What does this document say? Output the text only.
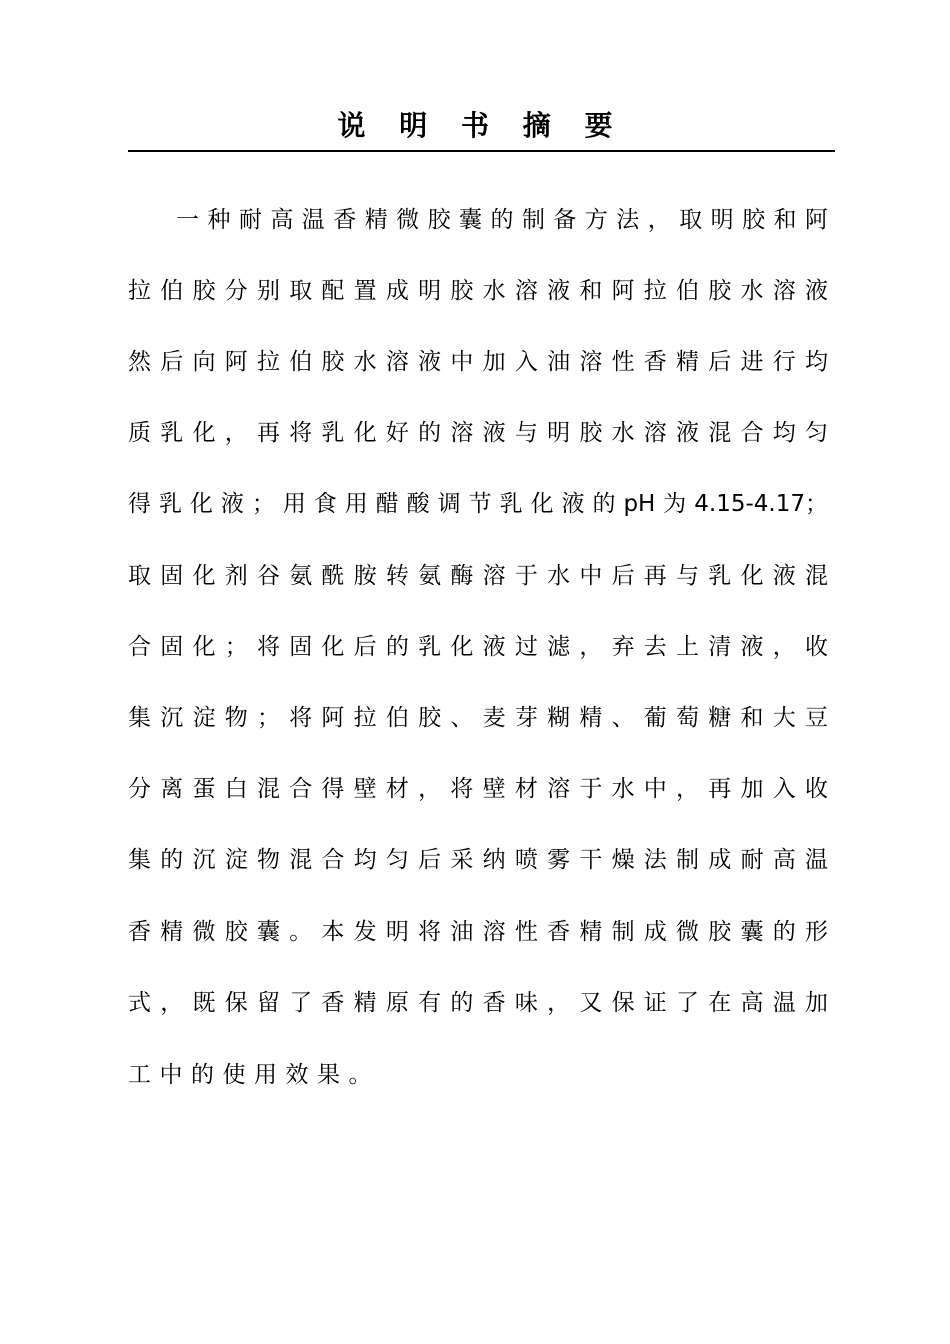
说 明 书 摘 要
一种耐高温香精微胶囊的制备方法，取明胶和阿
拉伯胶分别取配置成明胶水溶液和阿拉伯胶水溶液
然后向阿拉伯胶水溶液中加入油溶性香精后进行均
质乳化，再将乳化好的溶液与明胶水溶液混合均匀
得乳化液；用食用醋酸调节乳化液的pH为4.15-4.17；
取固化剂谷氨酰胺转氨酶溶于水中后再与乳化液混
合固化；将固化后的乳化液过滤，弃去上清液，收
集沉淀物；将阿拉伯胶、麦芽糊精、葡萄糖和大豆
分离蛋白混合得壁材，将壁材溶于水中，再加入收
集的沉淀物混合均匀后采纳喷雾干燥法制成耐高温
香精微胶囊。本发明将油溶性香精制成微胶囊的形
式，既保留了香精原有的香味，又保证了在高温加
工中的使用效果。
